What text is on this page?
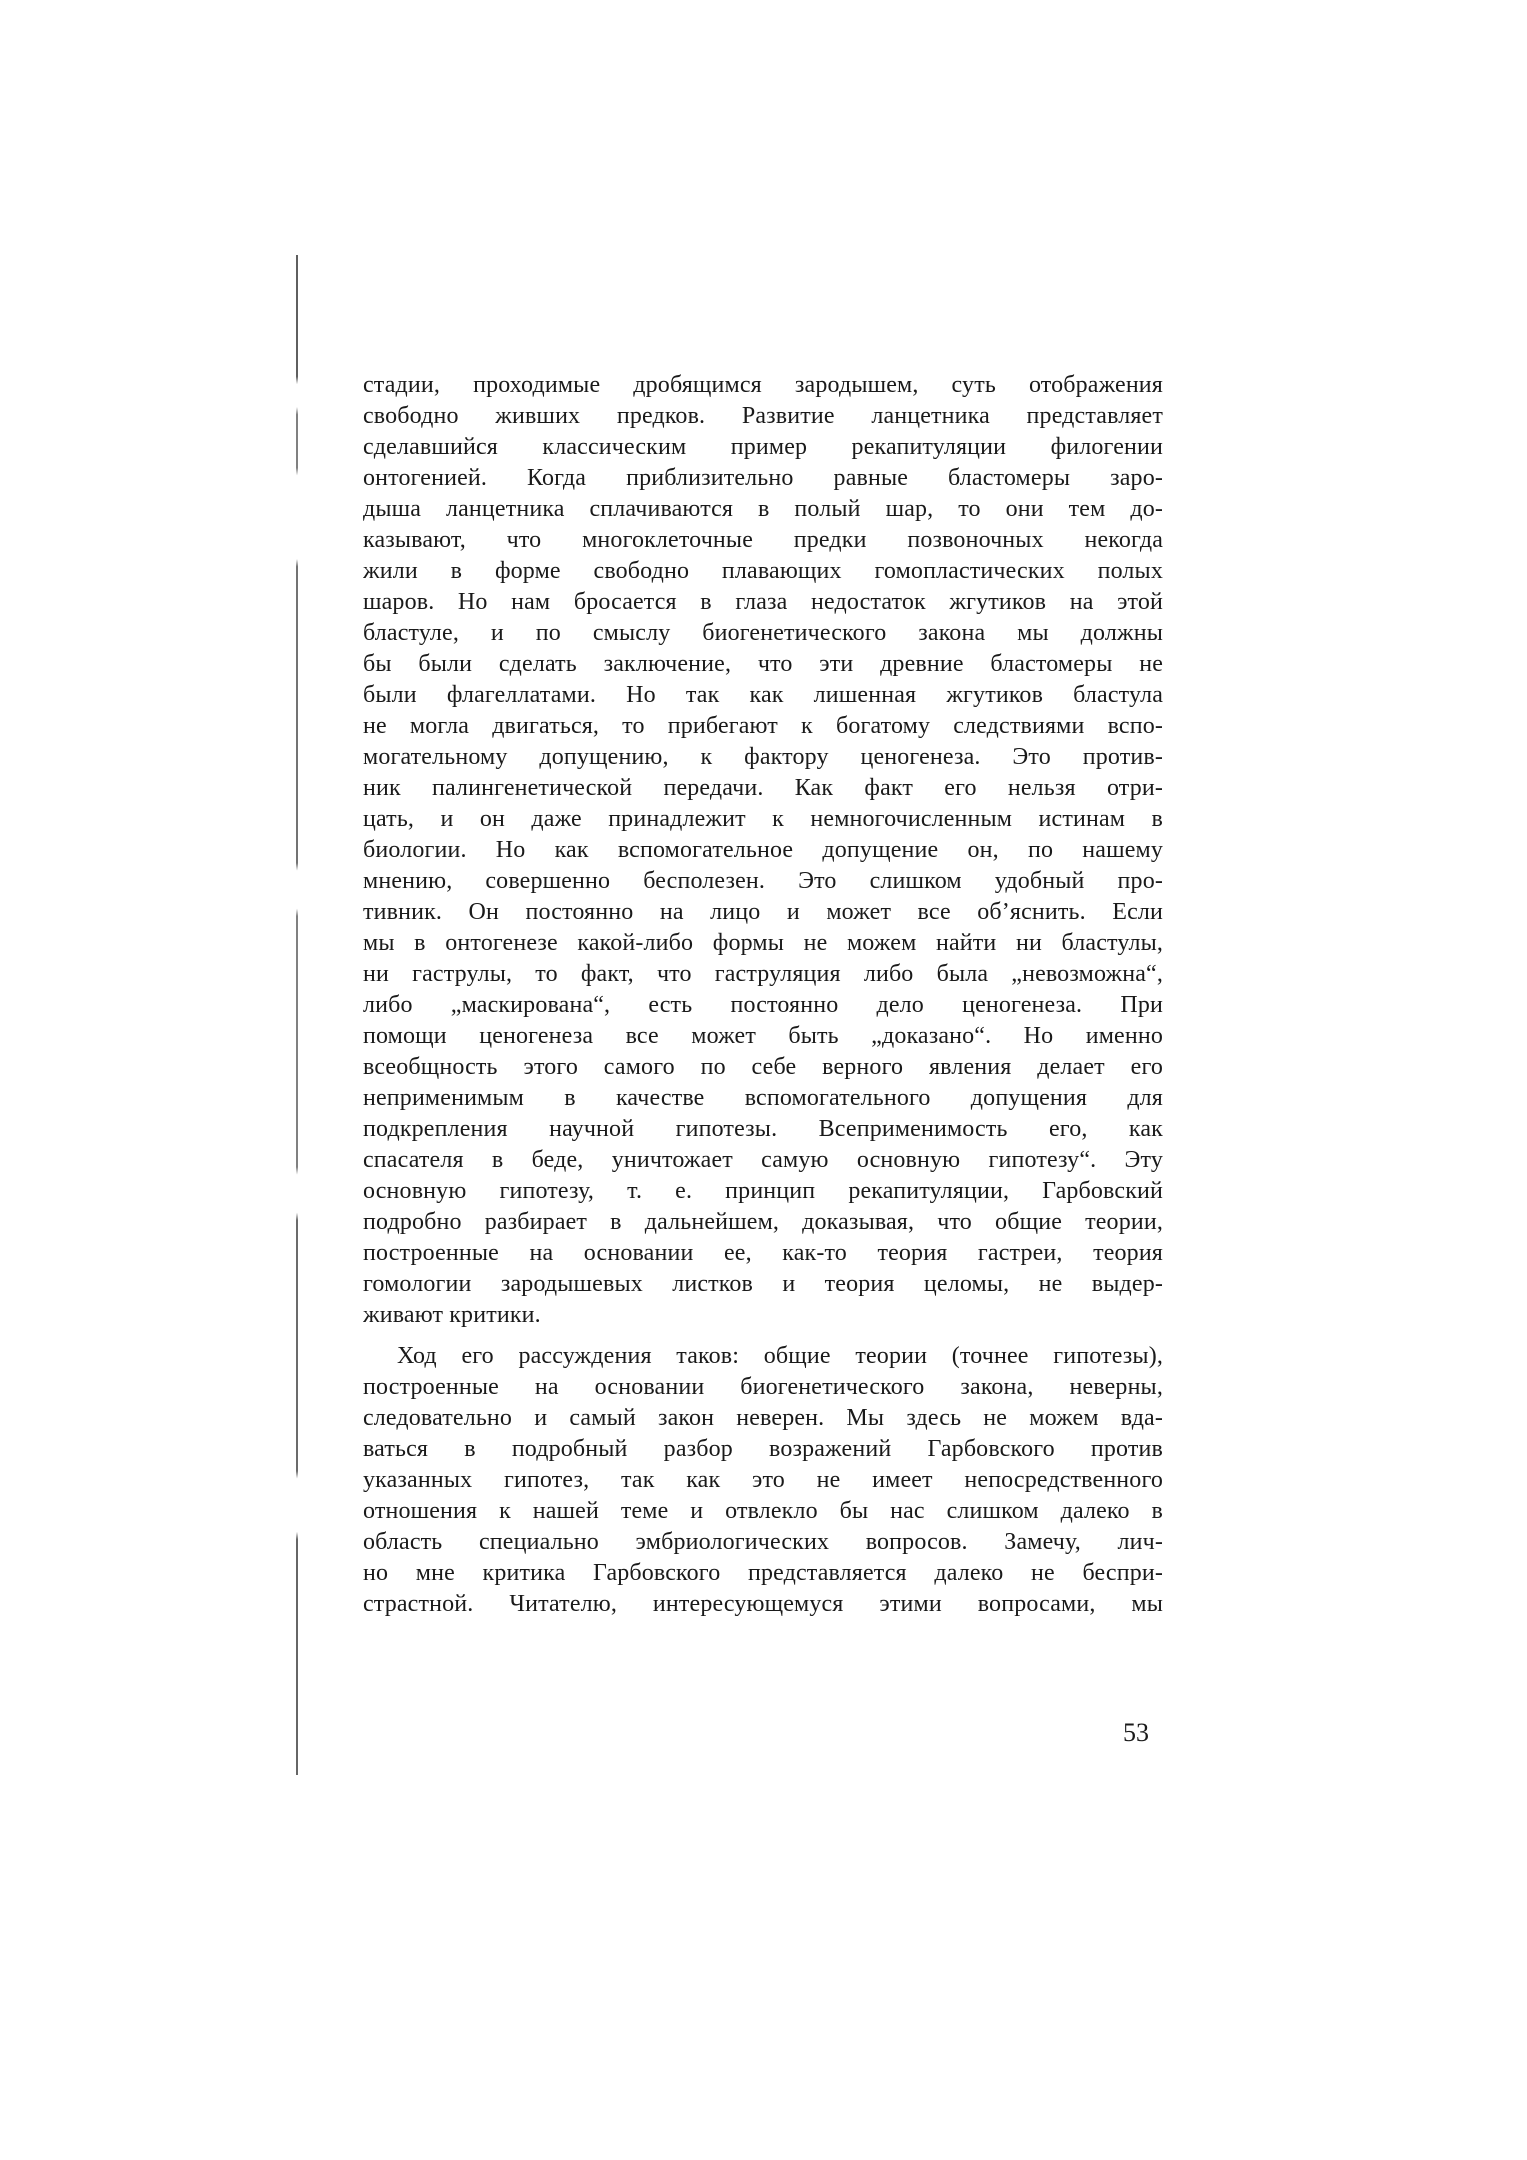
стадии, проходимые дробящимся зародышем, суть отображения
свободно живших предков. Развитие ланцетника представляет
сделавшийся классическим пример рекапитуляции филогении
онтогенией. Когда приблизительно равные бластомеры заро-
дыша ланцетника сплачиваются в полый шар, то они тем до-
казывают, что многоклеточные предки позвоночных некогда
жили в форме свободно плавающих гомопластических полых
шаров. Но нам бросается в глаза недостаток жгутиков на этой
бластуле, и по смыслу биогенетического закона мы должны
бы были сделать заключение, что эти древние бластомеры не
были флагеллатами. Но так как лишенная жгутиков бластула
не могла двигаться, то прибегают к богатому следствиями вспо-
могательному допущению, к фактору ценогенеза. Это против-
ник палингенетической передачи. Как факт его нельзя отри-
цать, и он даже принадлежит к немногочисленным истинам в
биологии. Но как вспомогательное допущение он, по нашему
мнению, совершенно бесполезен. Это слишком удобный про-
тивник. Он постоянно на лицо и может все об’яснить. Если
мы в онтогенезе какой-либо формы не можем найти ни бластулы,
ни гаструлы, то факт, что гаструляция либо была „невозможна“,
либо „маскирована“, есть постоянно дело ценогенеза. При
помощи ценогенеза все может быть „доказано“. Но именно
всеобщность этого самого по себе верного явления делает его
неприменимым в качестве вспомогательного допущения для
подкрепления научной гипотезы. Всеприменимость его, как
спасателя в беде, уничтожает самую основную гипотезу“. Эту
основную гипотезу, т. е. принцип рекапитуляции, Гарбовский
подробно разбирает в дальнейшем, доказывая, что общие теории,
построенные на основании ее, как-то теория гастреи, теория
гомологии зародышевых листков и теория целомы, не выдер-
живают критики.
Ход его рассуждения таков: общие теории (точнее гипотезы),
построенные на основании биогенетического закона, неверны,
следовательно и самый закон неверен. Мы здесь не можем вда-
ваться в подробный разбор возражений Гарбовского против
указанных гипотез, так как это не имеет непосредственного
отношения к нашей теме и отвлекло бы нас слишком далеко в
область специально эмбриологических вопросов. Замечу, лич-
но мне критика Гарбовского представляется далеко не беспри-
страстной. Читателю, интересующемуся этими вопросами, мы
53
